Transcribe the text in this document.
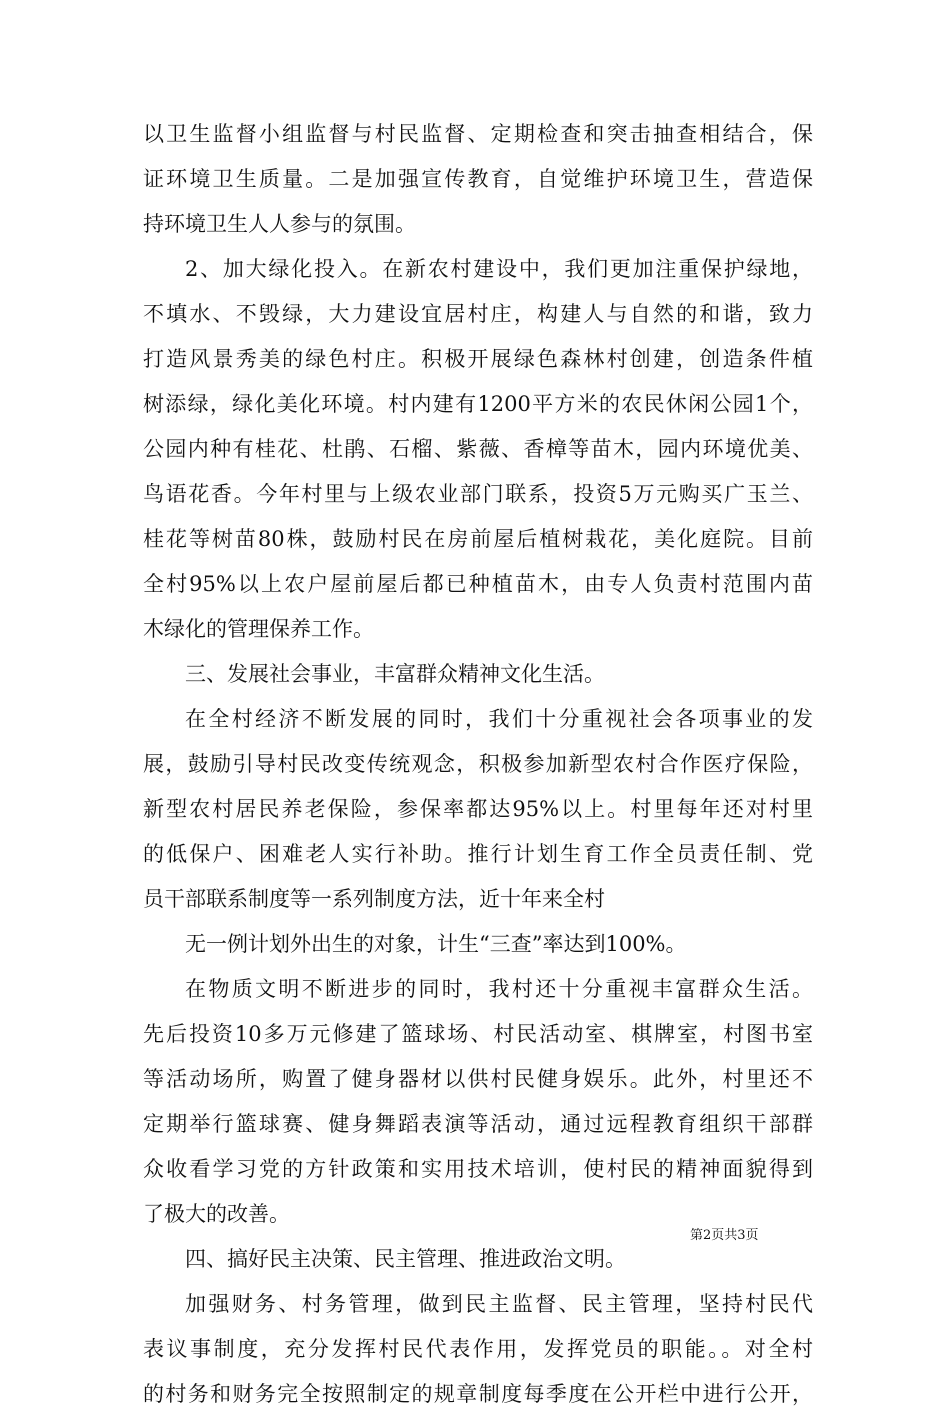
以卫生监督小组监督与村民监督、定期检查和突击抽查相结合，保
证环境卫生质量。二是加强宣传教育，自觉维护环境卫生，营造保
持环境卫生人人参与的氛围。
2、加大绿化投入。在新农村建设中，我们更加注重保护绿地，
不填水、不毁绿，大力建设宜居村庄，构建人与自然的和谐，致力
打造风景秀美的绿色村庄。积极开展绿色森林村创建，创造条件植
树添绿，绿化美化环境。村内建有1200平方米的农民休闲公园1个，
公园内种有桂花、杜鹃、石榴、紫薇、香樟等苗木，园内环境优美、
鸟语花香。今年村里与上级农业部门联系，投资5万元购买广玉兰、
桂花等树苗80株，鼓励村民在房前屋后植树栽花，美化庭院。目前
全村95%以上农户屋前屋后都已种植苗木，由专人负责村范围内苗
木绿化的管理保养工作。
三、发展社会事业，丰富群众精神文化生活。
在全村经济不断发展的同时，我们十分重视社会各项事业的发
展，鼓励引导村民改变传统观念，积极参加新型农村合作医疗保险，
新型农村居民养老保险，参保率都达95%以上。村里每年还对村里
的低保户、困难老人实行补助。推行计划生育工作全员责任制、党
员干部联系制度等一系列制度方法，近十年来全村
无一例计划外出生的对象，计生“三查”率达到100%。
在物质文明不断进步的同时，我村还十分重视丰富群众生活。
先后投资10多万元修建了篮球场、村民活动室、棋牌室，村图书室
等活动场所，购置了健身器材以供村民健身娱乐。此外，村里还不
定期举行篮球赛、健身舞蹈表演等活动，通过远程教育组织干部群
众收看学习党的方针政策和实用技术培训，使村民的精神面貌得到
了极大的改善。
四、搞好民主决策、民主管理、推进政治文明。
加强财务、村务管理，做到民主监督、民主管理，坚持村民代
表议事制度，充分发挥村民代表作用，发挥党员的职能。。对全村
的村务和财务完全按照制定的规章制度每季度在公开栏中进行公开，
第2页共3页
